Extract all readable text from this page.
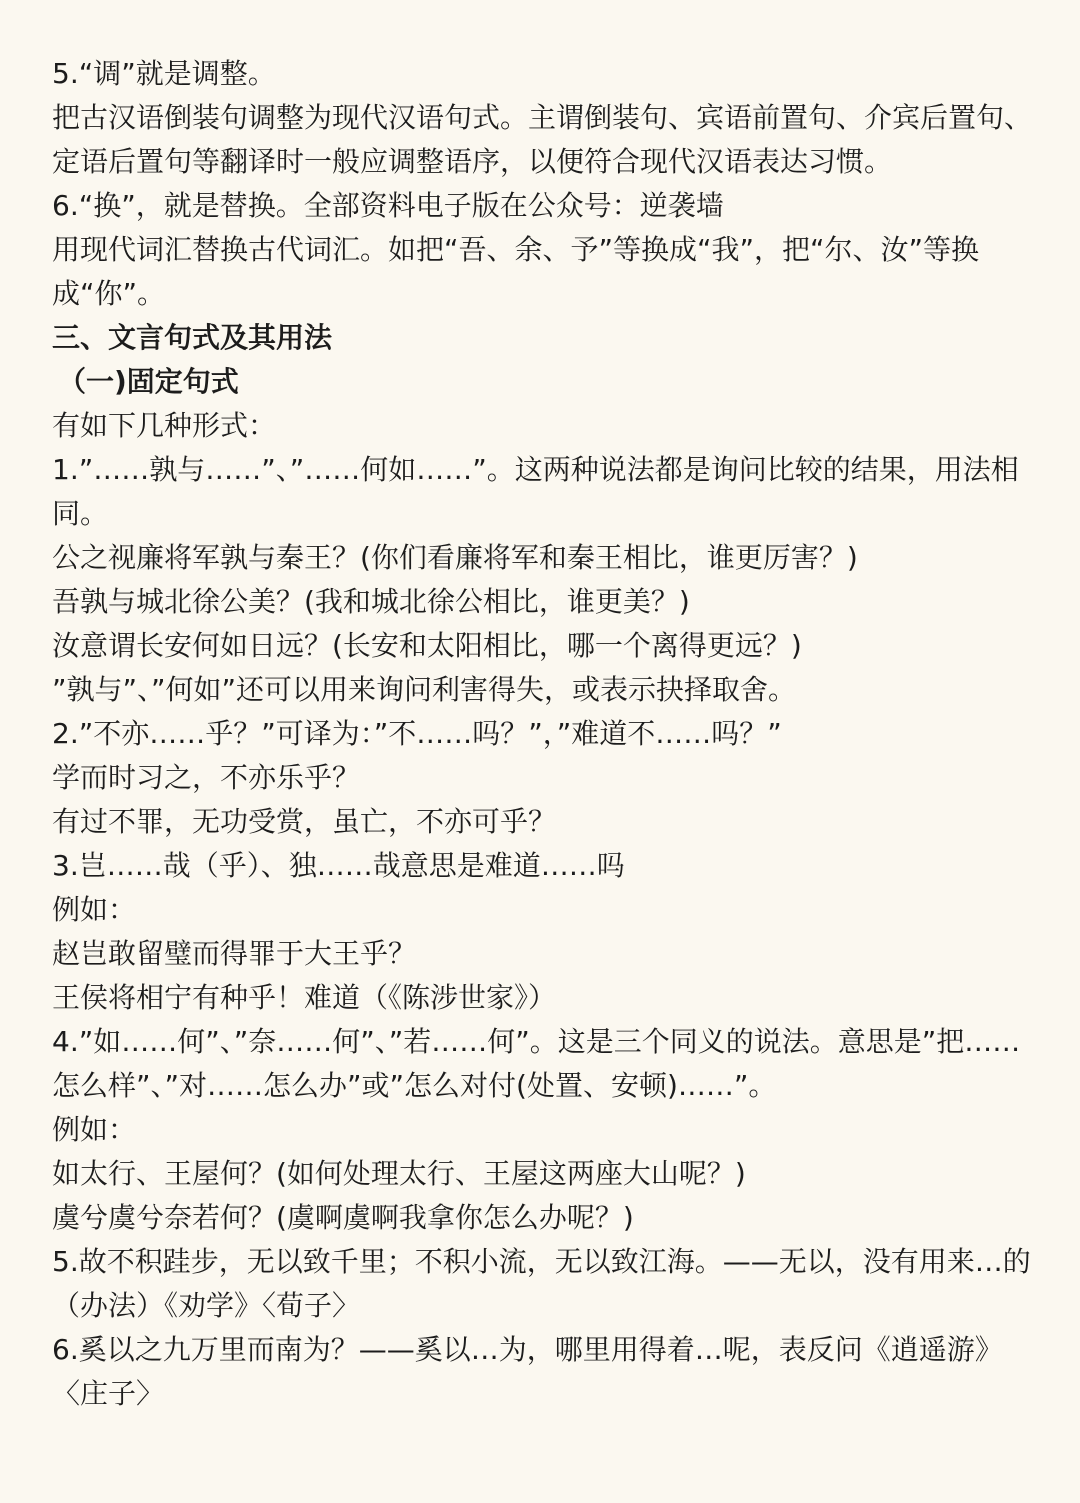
5.“调”就是调整。
把古汉语倒装句调整为现代汉语句式。主谓倒装句、宾语前置句、介宾后置句、定语后置句等翻译时一般应调整语序，以便符合现代汉语表达习惯。
6.“换”，就是替换。全部资料电子版在公众号：逆袭墙
用现代词汇替换古代词汇。如把“吾、余、予”等换成“我”，把“尔、汝”等换成“你”。
三、文言句式及其用法
（一)固定句式
有如下几种形式：
1.”……孰与……”、”……何如……”。这两种说法都是询问比较的结果，用法相同。
公之视廉将军孰与秦王？(你们看廉将军和秦王相比，谁更厉害？)
吾孰与城北徐公美？(我和城北徐公相比，谁更美？)
汝意谓长安何如日远？(长安和太阳相比，哪一个离得更远？)
”孰与”、”何如”还可以用来询问利害得失，或表示抉择取舍。
2.”不亦……乎？”可译为：”不……吗？”，”难道不……吗？”
学而时习之，不亦乐乎？
有过不罪，无功受赏，虽亡，不亦可乎？
3.岂……哉（乎）、独……哉意思是难道……吗
例如：
赵岂敢留璧而得罪于大王乎？
王侯将相宁有种乎！难道（《陈涉世家》）
4.”如……何”、”奈……何”、”若……何”。这是三个同义的说法。意思是”把……怎么样”、”对……怎么办”或”怎么对付(处置、安顿)……”。
例如：
如太行、王屋何？(如何处理太行、王屋这两座大山呢？)
虞兮虞兮奈若何？(虞啊虞啊我拿你怎么办呢？)
5.故不积跬步，无以致千里；不积小流，无以致江海。——无以，没有用来…的（办法）《劝学》〈荀子〉
6.奚以之九万里而南为？——奚以…为，哪里用得着…呢，表反问《逍遥游》〈庄子〉
